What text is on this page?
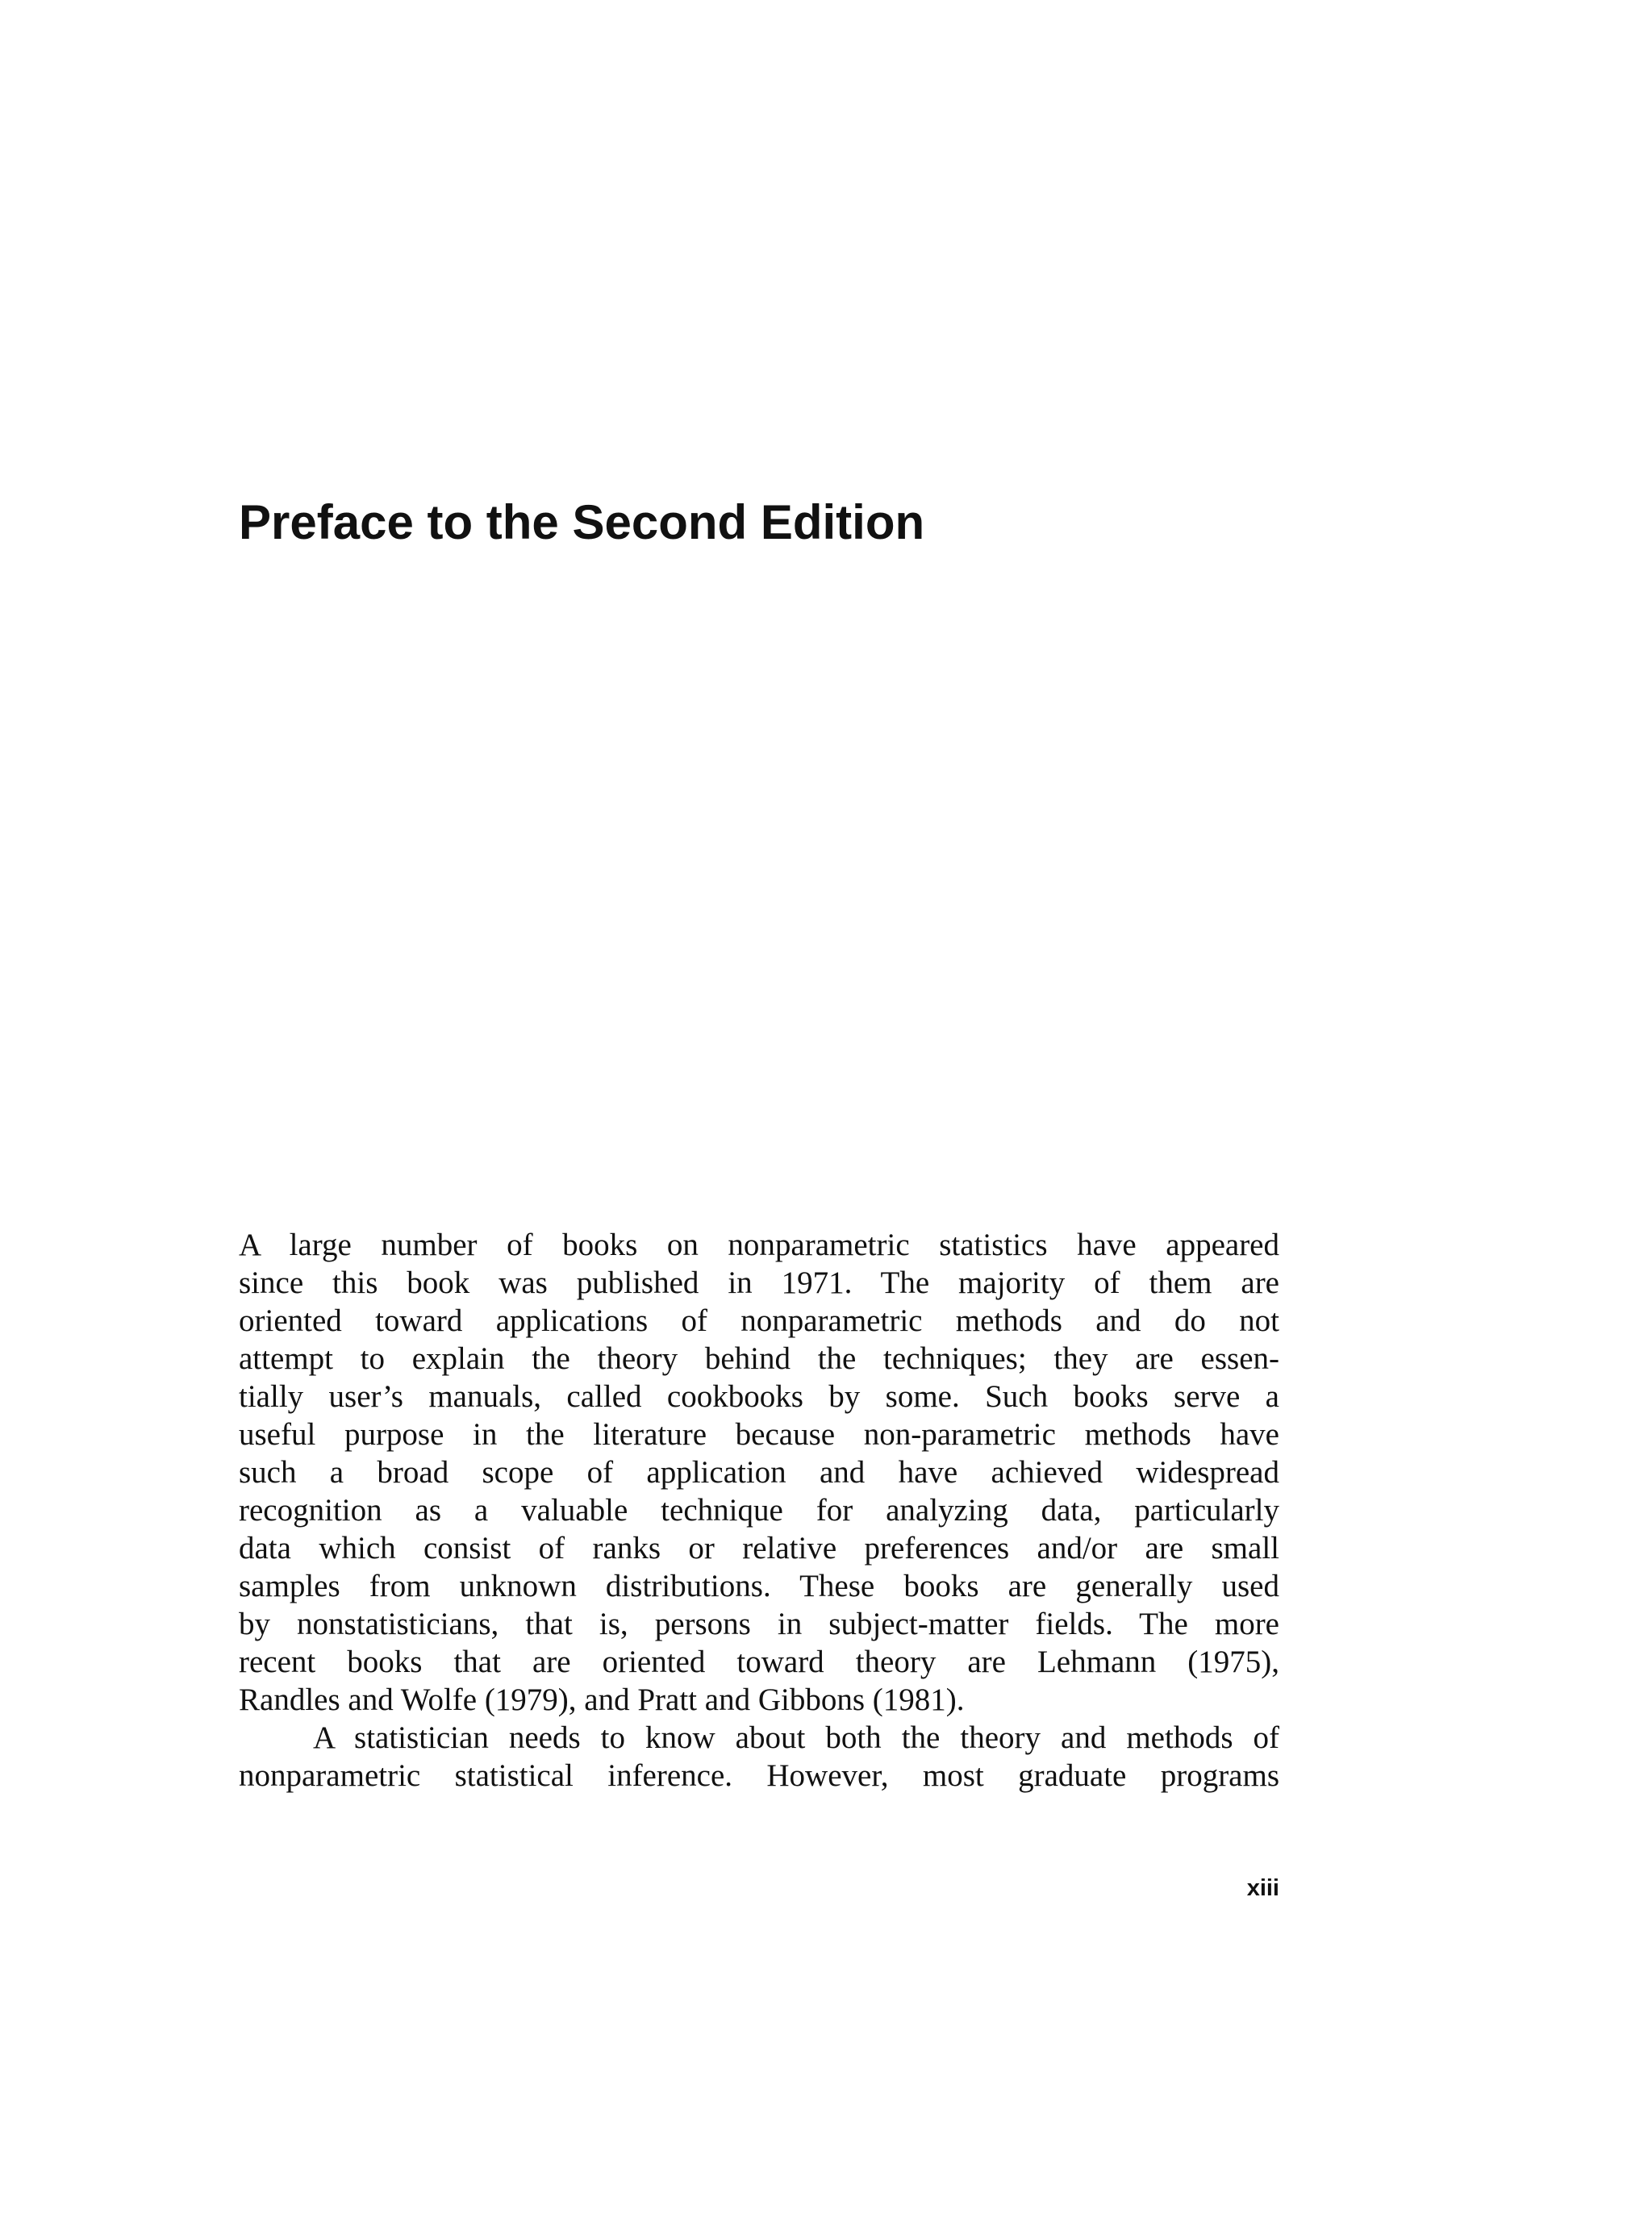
Preface to the Second Edition

A large number of books on nonparametric statistics have appeared
since this book was published in 1971. The majority of them are
oriented toward applications of nonparametric methods and do not
attempt to explain the theory behind the techniques; they are essen-
tially user’s manuals, called cookbooks by some. Such books serve a
useful purpose in the literature because non-parametric methods have
such a broad scope of application and have achieved widespread
recognition as a valuable technique for analyzing data, particularly
data which consist of ranks or relative preferences and/or are small
samples from unknown distributions. These books are generally used
by nonstatisticians, that is, persons in subject-matter fields. The more
recent books that are oriented toward theory are Lehmann (1975),
Randles and Wolfe (1979), and Pratt and Gibbons (1981).

A statistician needs to know about both the theory and methods of
nonparametric statistical inference. However, most graduate programs

xiii
